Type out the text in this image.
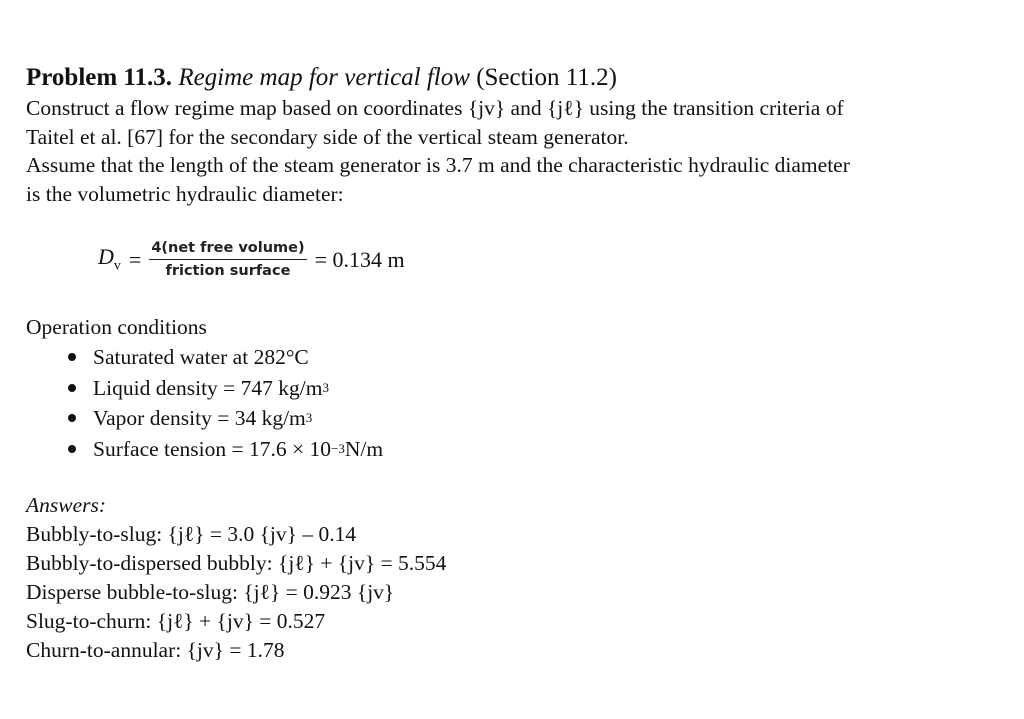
Problem 11.3. Regime map for vertical flow (Section 11.2)

Construct a flow regime map based on coordinates {jv} and {jℓ} using the transition criteria of

Taitel et al. [67] for the secondary side of the vertical steam generator.

Assume that the length of the steam generator is 3.7 m and the characteristic hydraulic diameter

is the volumetric hydraulic diameter:

$D_v = \frac{\text{4(net free volume)}}{\text{friction surface}} = 0.134$ m
Operation conditions
Saturated water at 282°C
Liquid density = 747 kg/m 3
Vapor density = 34 kg/m 3
Surface tension = 17.6 × 10 −3 N/m
Answers:
Bubbly-to-slug: {jℓ} = 3.0 {jv} – 0.14
Bubbly-to-dispersed bubbly: {jℓ} + {jv} = 5.554
Disperse bubble-to-slug: {jℓ} = 0.923 {jv}
Slug-to-churn: {jℓ} + {jv} = 0.527
Churn-to-annular: {jv} = 1.78
